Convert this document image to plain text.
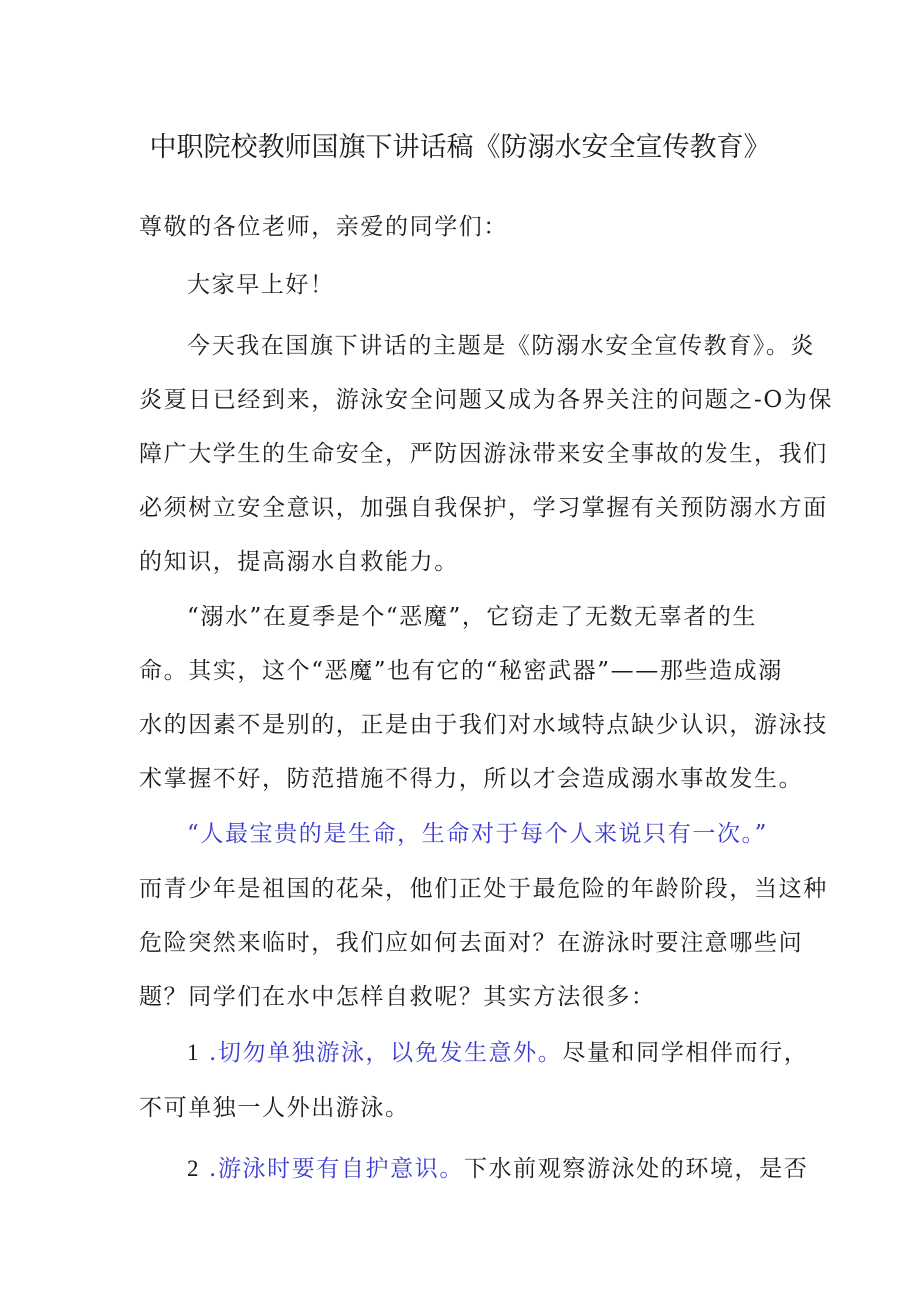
中职院校教师国旗下讲话稿《防溺水安全宣传教育》
尊敬的各位老师，亲爱的同学们：
大家早上好！
今天我在国旗下讲话的主题是《防溺水安全宣传教育》。炎
炎夏日已经到来，游泳安全问题又成为各界关注的问题之-O为保
障广大学生的生命安全，严防因游泳带来安全事故的发生，我们
必须树立安全意识，加强自我保护，学习掌握有关预防溺水方面
的知识，提高溺水自救能力。
“溺水”在夏季是个“恶魔”，它窃走了无数无辜者的生
命。其实，这个“恶魔”也有它的“秘密武器”——那些造成溺
水的因素不是别的，正是由于我们对水域特点缺少认识，游泳技
术掌握不好，防范措施不得力，所以才会造成溺水事故发生。
“人最宝贵的是生命，生命对于每个人来说只有一次。”
而青少年是祖国的花朵，他们正处于最危险的年龄阶段，当这种
危险突然来临时，我们应如何去面对？在游泳时要注意哪些问
题？同学们在水中怎样自救呢？其实方法很多：
1 .切勿单独游泳，以免发生意外。尽量和同学相伴而行，
不可单独一人外出游泳。
2 .游泳时要有自护意识。下水前观察游泳处的环境，是否
